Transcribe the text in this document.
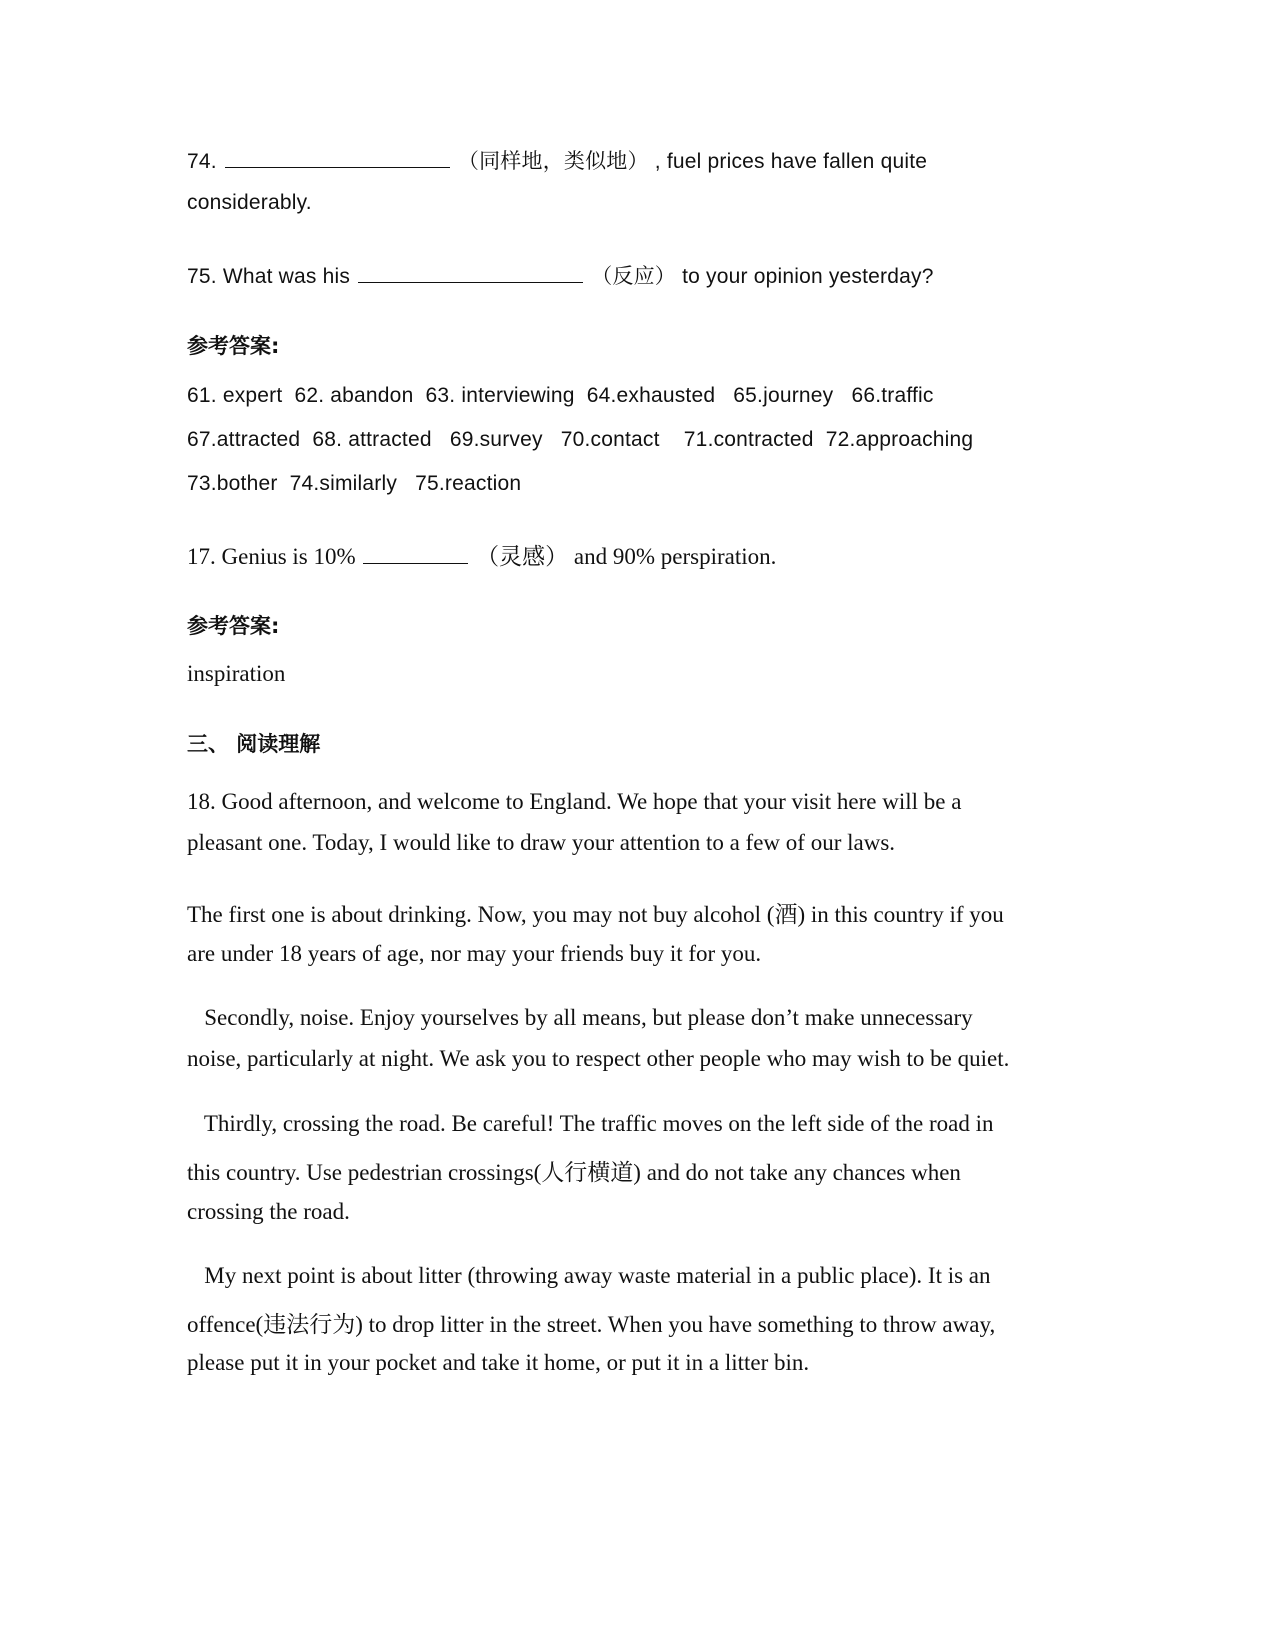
74.	（同样地，类似地） , fuel prices have fallen quite
considerably.
75. What was his	（反应） to your opinion yesterday?
参考答案:
61. expert  62. abandon  63. interviewing  64.exhausted   65.journey   66.traffic
67.attracted  68. attracted   69.survey   70.contact    71.contracted  72.approaching
73.bother  74.similarly   75.reaction
17. Genius is 10%	（灵感） and 90% perspiration.
参考答案:
inspiration
三、 阅读理解
18. Good afternoon, and welcome to England. We hope that your visit here will be a
pleasant one. Today, I would like to draw your attention to a few of our laws.
The first one is about drinking. Now, you may not buy alcohol (酒) in this country if you
are under 18 years of age, nor may your friends buy it for you.
Secondly, noise. Enjoy yourselves by all means, but please don’t make unnecessary
noise, particularly at night. We ask you to respect other people who may wish to be quiet.
Thirdly, crossing the road. Be careful! The traffic moves on the left side of the road in
this country. Use pedestrian crossings(人行横道) and do not take any chances when
crossing the road.
My next point is about litter (throwing away waste material in a public place). It is an
offence(违法行为) to drop litter in the street. When you have something to throw away,
please put it in your pocket and take it home, or put it in a litter bin.
